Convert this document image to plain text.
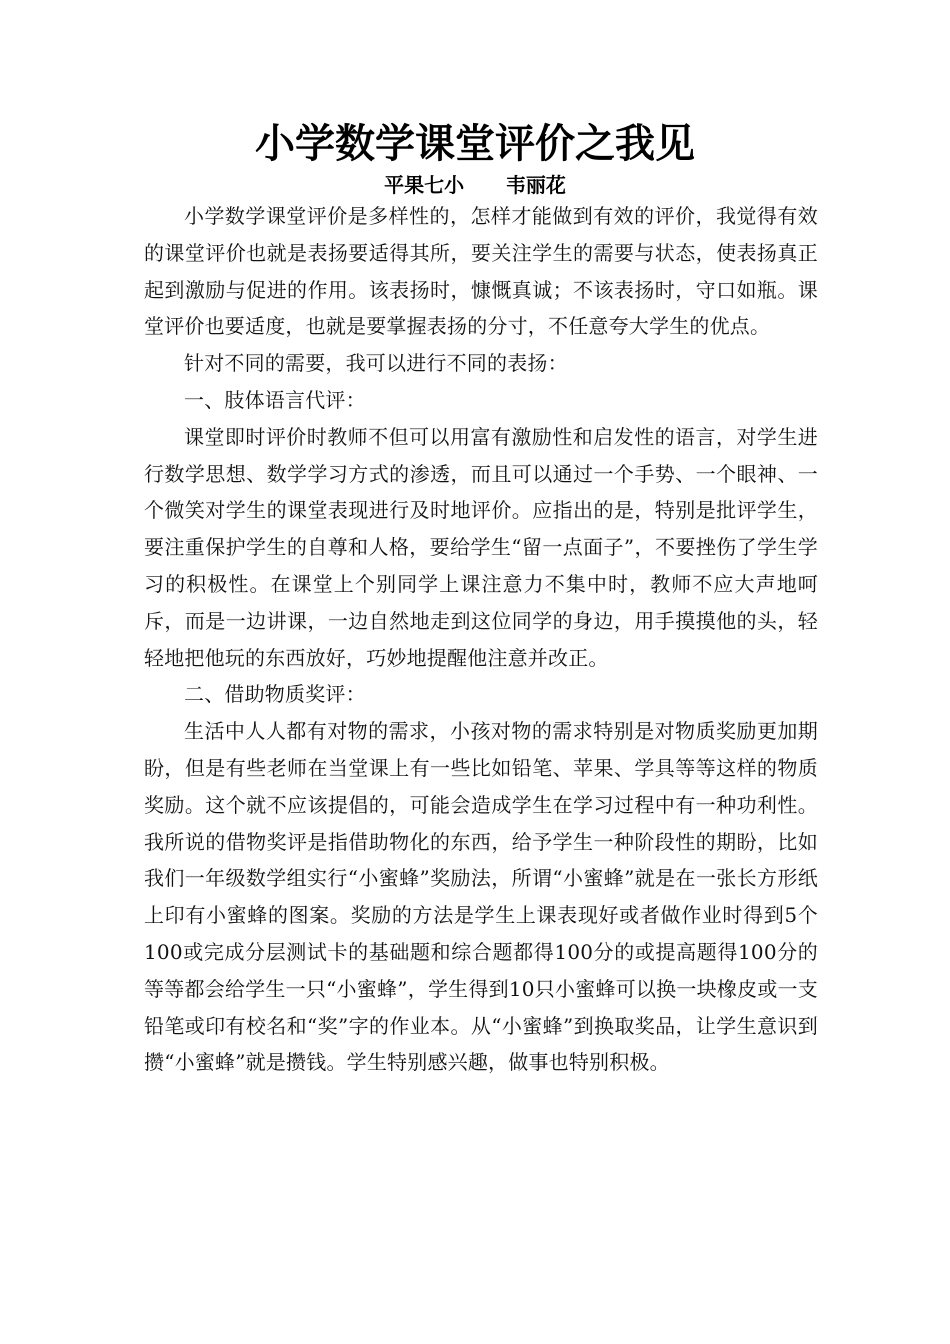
小学数学课堂评价之我见
平果七小      韦丽花

小学数学课堂评价是多样性的，怎样才能做到有效的评价，我觉得有效的课堂评价也就是表扬要适得其所，要关注学生的需要与状态，使表扬真正起到激励与促进的作用。该表扬时，慷慨真诚；不该表扬时，守口如瓶。课堂评价也要适度，也就是要掌握表扬的分寸，不任意夸大学生的优点。

针对不同的需要，我可以进行不同的表扬：

一、肢体语言代评：

课堂即时评价时教师不但可以用富有激励性和启发性的语言，对学生进行数学思想、数学学习方式的渗透，而且可以通过一个手势、一个眼神、一个微笑对学生的课堂表现进行及时地评价。应指出的是，特别是批评学生，要注重保护学生的自尊和人格，要给学生“留一点面子”，不要挫伤了学生学习的积极性。在课堂上个别同学上课注意力不集中时，教师不应大声地呵斥，而是一边讲课，一边自然地走到这位同学的身边，用手摸摸他的头，轻轻地把他玩的东西放好，巧妙地提醒他注意并改正。

二、借助物质奖评：

生活中人人都有对物的需求，小孩对物的需求特别是对物质奖励更加期盼，但是有些老师在当堂课上有一些比如铅笔、苹果、学具等等这样的物质奖励。这个就不应该提倡的，可能会造成学生在学习过程中有一种功利性。我所说的借物奖评是指借助物化的东西，给予学生一种阶段性的期盼，比如我们一年级数学组实行“小蜜蜂”奖励法，所谓“小蜜蜂”就是在一张长方形纸上印有小蜜蜂的图案。奖励的方法是学生上课表现好或者做作业时得到5个100或完成分层测试卡的基础题和综合题都得100分的或提高题得100分的等等都会给学生一只“小蜜蜂”，学生得到10只小蜜蜂可以换一块橡皮或一支铅笔或印有校名和“奖”字的作业本。从“小蜜蜂”到换取奖品，让学生意识到攒“小蜜蜂”就是攒钱。学生特别感兴趣，做事也特别积极。
